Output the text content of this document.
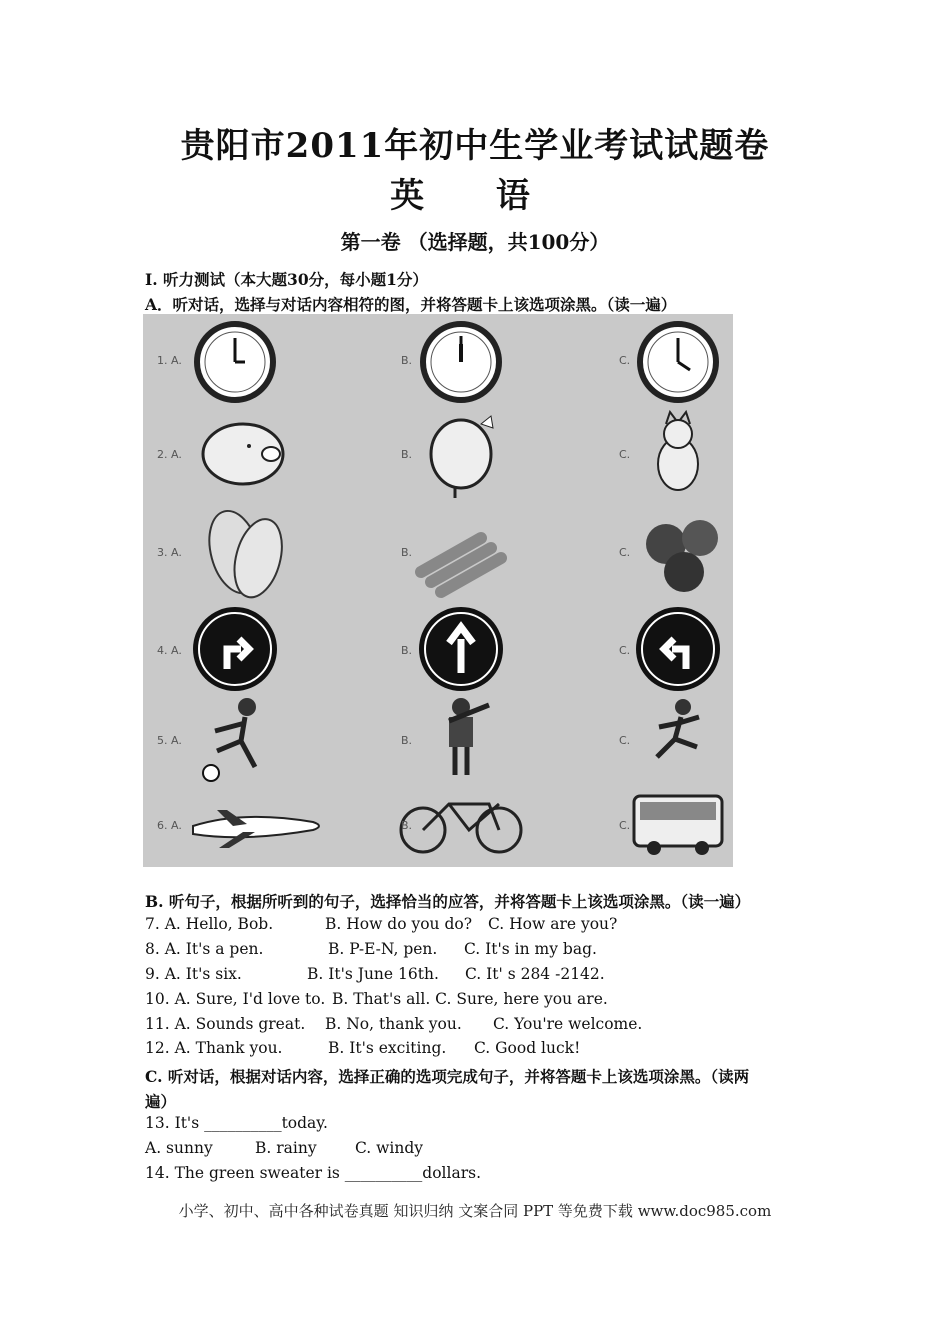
贵阳市2011年初中生学业考试试题卷
英 语
第一卷 （选择题，共100分）
I. 听力测试（本大题30分，每小题1分）
A．听对话，选择与对话内容相符的图，并将答题卡上该选项涂黑。（读一遍）
1. A.	B.	C.
2. A.	B.	C.
3. A.	B.	C.
4. A.	B.	C.
5. A.	B.	C.
6. A.	B.	C.
B. 听句子，根据所听到的句子，选择恰当的应答，并将答题卡上该选项涂黑。（读一遍）
7. A. Hello, Bob.	B. How do you do? C. How are you?
8. A. It's a pen.	B. P-E-N, pen. C. It's in my bag.
9. A. It's six.	B. It's June 16th. C. It' s 284 -2142.
10. A. Sure, I'd love to. B. That's all. C. Sure, here you are.
11. A. Sounds great. B. No, thank you. C. You're welcome.
12. A. Thank you.	B. It's exciting. C. Good luck!
C. 听对话，根据对话内容，选择正确的选项完成句子，并将答题卡上该选项涂黑。（读两
遍）
13. It's __________today.
A. sunny	B. rainy C. windy
14. The green sweater is __________dollars.
小学、初中、高中各种试卷真题 知识归纳 文案合同 PPT 等免费下载 www.doc985.com
